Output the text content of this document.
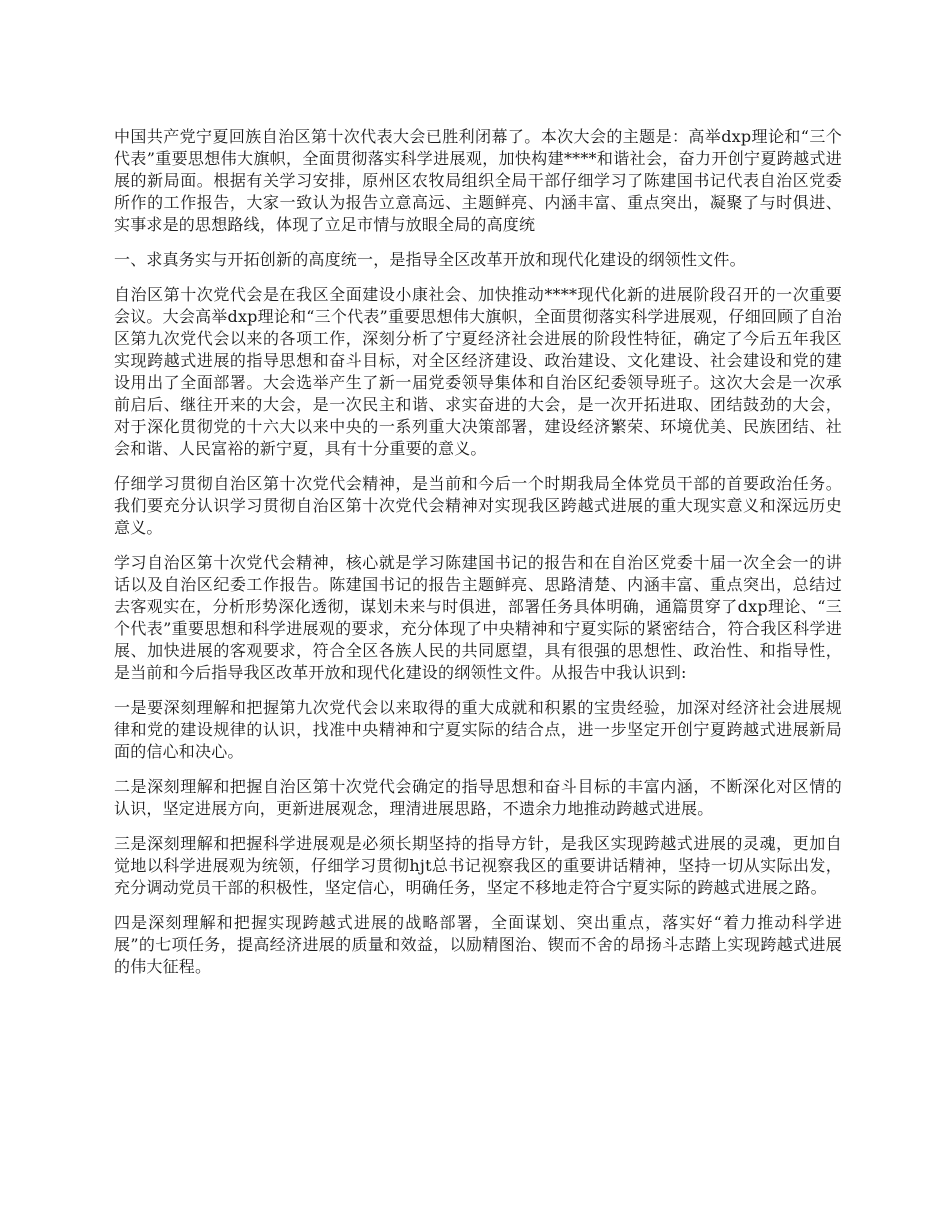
中国共产党宁夏回族自治区第十次代表大会已胜利闭幕了。本次大会的主题是：高举dxp理论和“三个代表”重要思想伟大旗帜，全面贯彻落实科学进展观，加快构建****和谐社会，奋力开创宁夏跨越式进展的新局面。根据有关学习安排，原州区农牧局组织全局干部仔细学习了陈建国书记代表自治区党委所作的工作报告，大家一致认为报告立意高远、主题鲜亮、内涵丰富、重点突出，凝聚了与时俱进、实事求是的思想路线，体现了立足市情与放眼全局的高度统

一、求真务实与开拓创新的高度统一，是指导全区改革开放和现代化建设的纲领性文件。

自治区第十次党代会是在我区全面建设小康社会、加快推动****现代化新的进展阶段召开的一次重要会议。大会高举dxp理论和“三个代表”重要思想伟大旗帜，全面贯彻落实科学进展观，仔细回顾了自治区第九次党代会以来的各项工作，深刻分析了宁夏经济社会进展的阶段性特征，确定了今后五年我区实现跨越式进展的指导思想和奋斗目标，对全区经济建设、政治建设、文化建设、社会建设和党的建设用出了全面部署。大会选举产生了新一届党委领导集体和自治区纪委领导班子。这次大会是一次承前启后、继往开来的大会，是一次民主和谐、求实奋进的大会，是一次开拓进取、团结鼓劲的大会，对于深化贯彻党的十六大以来中央的一系列重大决策部署，建设经济繁荣、环境优美、民族团结、社会和谐、人民富裕的新宁夏，具有十分重要的意义。

仔细学习贯彻自治区第十次党代会精神，是当前和今后一个时期我局全体党员干部的首要政治任务。我们要充分认识学习贯彻自治区第十次党代会精神对实现我区跨越式进展的重大现实意义和深远历史意义。

学习自治区第十次党代会精神，核心就是学习陈建国书记的报告和在自治区党委十届一次全会一的讲话以及自治区纪委工作报告。陈建国书记的报告主题鲜亮、思路清楚、内涵丰富、重点突出，总结过去客观实在，分析形势深化透彻，谋划未来与时俱进，部署任务具体明确，通篇贯穿了dxp理论、“三个代表”重要思想和科学进展观的要求，充分体现了中央精神和宁夏实际的紧密结合，符合我区科学进展、加快进展的客观要求，符合全区各族人民的共同愿望，具有很强的思想性、政治性、和指导性，是当前和今后指导我区改革开放和现代化建设的纲领性文件。从报告中我认识到:

一是要深刻理解和把握第九次党代会以来取得的重大成就和积累的宝贵经验，加深对经济社会进展规律和党的建设规律的认识，找准中央精神和宁夏实际的结合点，进一步坚定开创宁夏跨越式进展新局面的信心和决心。

二是深刻理解和把握自治区第十次党代会确定的指导思想和奋斗目标的丰富内涵，不断深化对区情的认识，坚定进展方向，更新进展观念，理清进展思路，不遗余力地推动跨越式进展。

三是深刻理解和把握科学进展观是必须长期坚持的指导方针，是我区实现跨越式进展的灵魂，更加自觉地以科学进展观为统领，仔细学习贯彻hjt总书记视察我区的重要讲话精神，坚持一切从实际出发，充分调动党员干部的积极性，坚定信心，明确任务，坚定不移地走符合宁夏实际的跨越式进展之路。

四是深刻理解和把握实现跨越式进展的战略部署，全面谋划、突出重点，落实好“着力推动科学进展”的七项任务，提高经济进展的质量和效益，以励精图治、锲而不舍的昂扬斗志踏上实现跨越式进展的伟大征程。
